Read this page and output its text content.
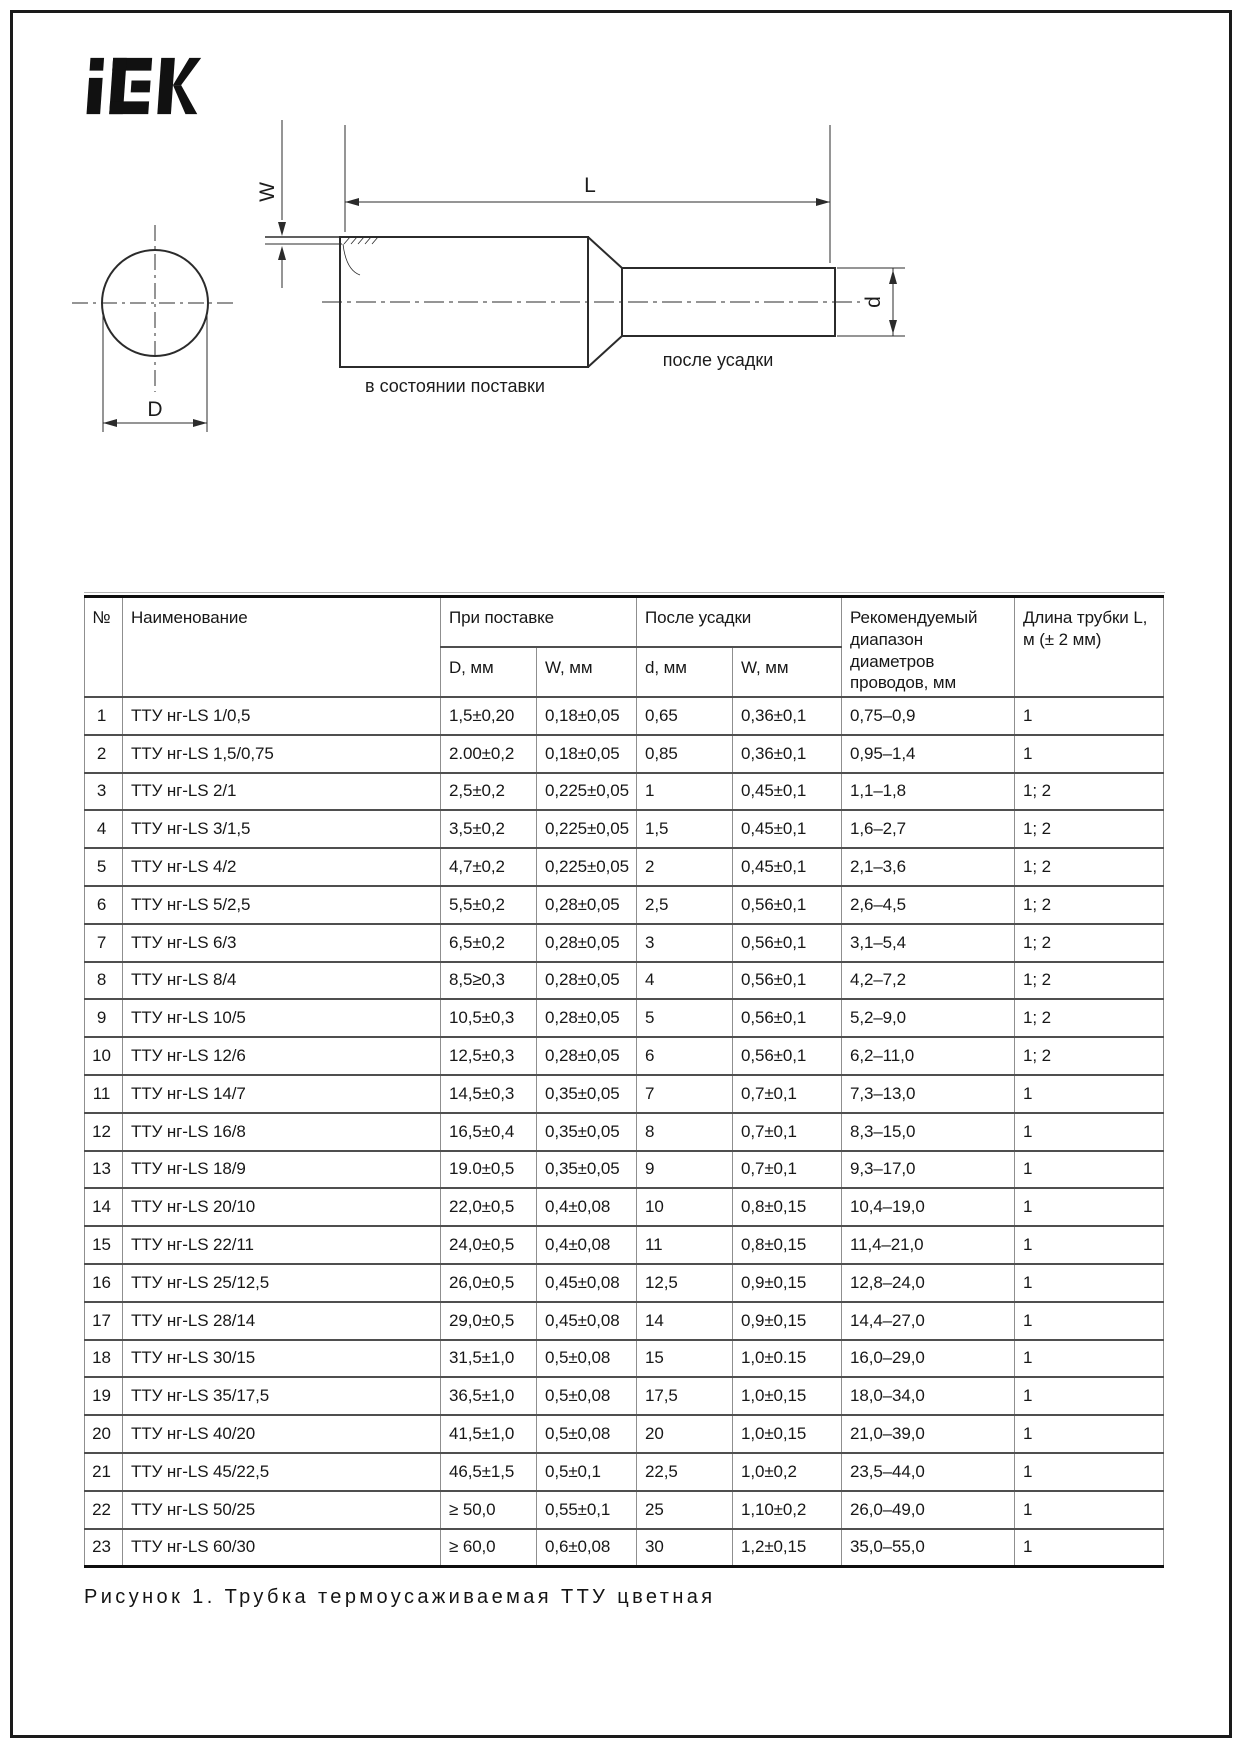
D
L
W
d
в состоянии поставки
после усадки
№	Наименование	При поставке		После усадки		Рекомендуемый диапазон диаметров проводов, мм	Длина трубки L, м (± 2 мм)
		D, мм	W, мм	d, мм	W, мм		
1	ТТУ нг-LS 1/0,5	1,5±0,20	0,18±0,05	0,65	0,36±0,1	0,75–0,9	1
2	ТТУ нг-LS 1,5/0,75	2.00±0,2	0,18±0,05	0,85	0,36±0,1	0,95–1,4	1
3	ТТУ нг-LS 2/1	2,5±0,2	0,225±0,05	1	0,45±0,1	1,1–1,8	1; 2
4	ТТУ нг-LS 3/1,5	3,5±0,2	0,225±0,05	1,5	0,45±0,1	1,6–2,7	1; 2
5	ТТУ нг-LS 4/2	4,7±0,2	0,225±0,05	2	0,45±0,1	2,1–3,6	1; 2
6	ТТУ нг-LS 5/2,5	5,5±0,2	0,28±0,05	2,5	0,56±0,1	2,6–4,5	1; 2
7	ТТУ нг-LS 6/3	6,5±0,2	0,28±0,05	3	0,56±0,1	3,1–5,4	1; 2
8	ТТУ нг-LS 8/4	8,5≥0,3	0,28±0,05	4	0,56±0,1	4,2–7,2	1; 2
9	ТТУ нг-LS 10/5	10,5±0,3	0,28±0,05	5	0,56±0,1	5,2–9,0	1; 2
10	ТТУ нг-LS 12/6	12,5±0,3	0,28±0,05	6	0,56±0,1	6,2–11,0	1; 2
11	ТТУ нг-LS 14/7	14,5±0,3	0,35±0,05	7	0,7±0,1	7,3–13,0	1
12	ТТУ нг-LS 16/8	16,5±0,4	0,35±0,05	8	0,7±0,1	8,3–15,0	1
13	ТТУ нг-LS 18/9	19.0±0,5	0,35±0,05	9	0,7±0,1	9,3–17,0	1
14	ТТУ нг-LS 20/10	22,0±0,5	0,4±0,08	10	0,8±0,15	10,4–19,0	1
15	ТТУ нг-LS 22/11	24,0±0,5	0,4±0,08	11	0,8±0,15	11,4–21,0	1
16	ТТУ нг-LS 25/12,5	26,0±0,5	0,45±0,08	12,5	0,9±0,15	12,8–24,0	1
17	ТТУ нг-LS 28/14	29,0±0,5	0,45±0,08	14	0,9±0,15	14,4–27,0	1
18	ТТУ нг-LS 30/15	31,5±1,0	0,5±0,08	15	1,0±0.15	16,0–29,0	1
19	ТТУ нг-LS 35/17,5	36,5±1,0	0,5±0,08	17,5	1,0±0,15	18,0–34,0	1
20	ТТУ нг-LS 40/20	41,5±1,0	0,5±0,08	20	1,0±0,15	21,0–39,0	1
21	ТТУ нг-LS 45/22,5	46,5±1,5	0,5±0,1	22,5	1,0±0,2	23,5–44,0	1
22	ТТУ нг-LS 50/25	≥ 50,0	0,55±0,1	25	1,10±0,2	26,0–49,0	1
23	ТТУ нг-LS 60/30	≥ 60,0	0,6±0,08	30	1,2±0,15	35,0–55,0	1
Рисунок 1. Трубка термоусаживаемая ТТУ цветная
